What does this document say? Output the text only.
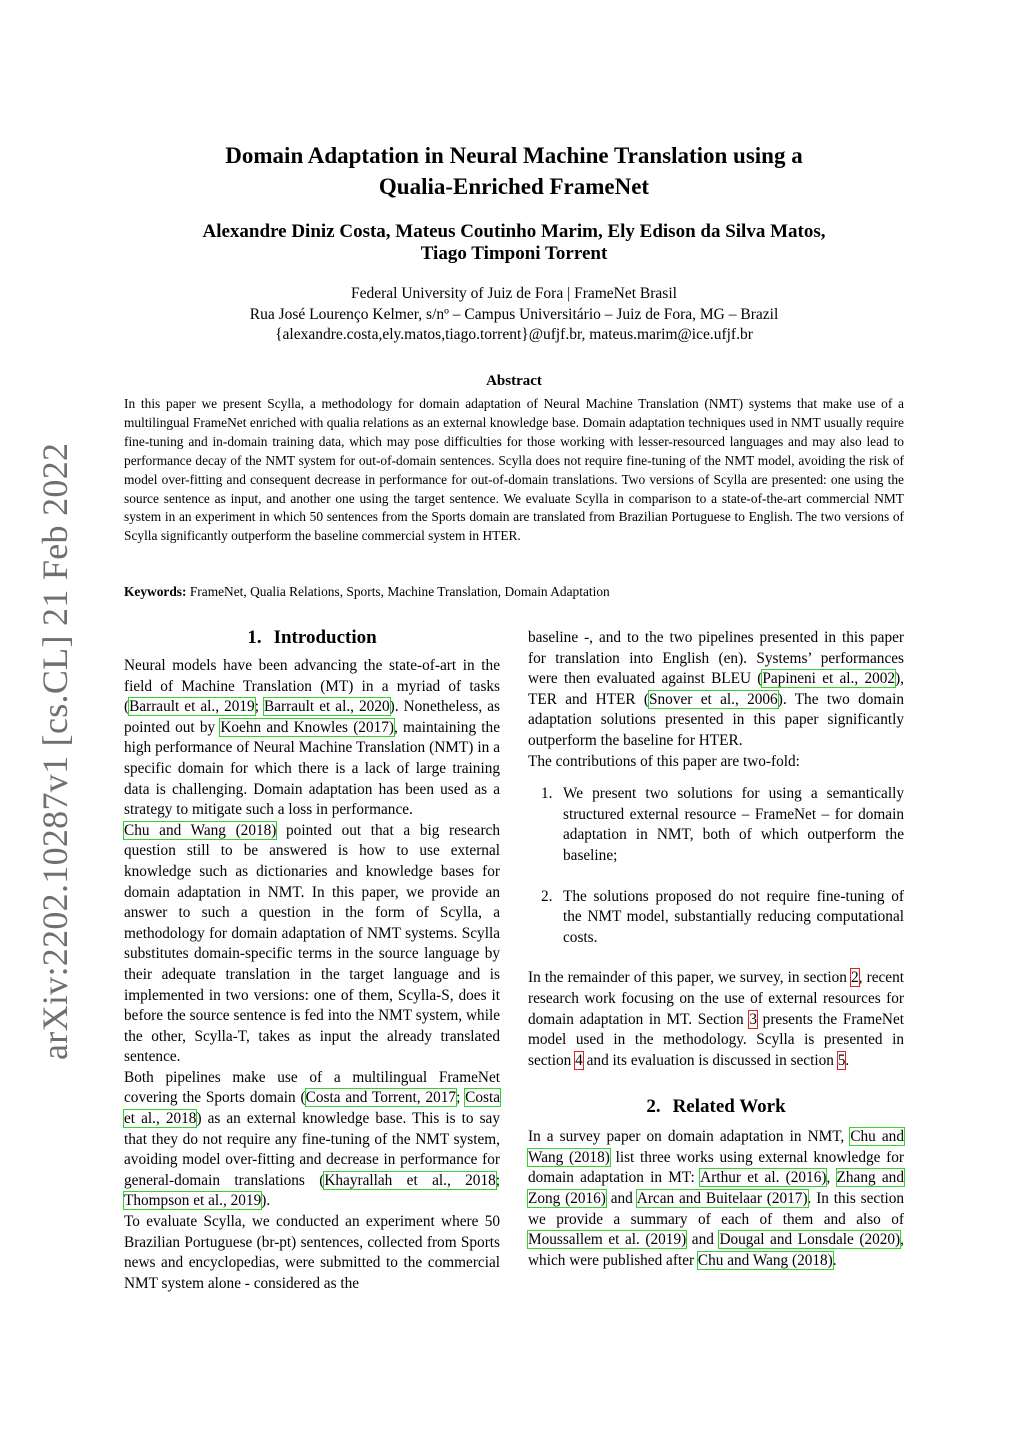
arXiv:2202.10287v1 [cs.CL] 21 Feb 2022
Domain Adaptation in Neural Machine Translation using a
Qualia-Enriched FrameNet
Alexandre Diniz Costa, Mateus Coutinho Marim, Ely Edison da Silva Matos,
Tiago Timponi Torrent
Federal University of Juiz de Fora | FrameNet Brasil
Rua José Lourenço Kelmer, s/nº – Campus Universitário – Juiz de Fora, MG – Brazil
{alexandre.costa,ely.matos,tiago.torrent}@ufjf.br, mateus.marim@ice.ufjf.br
Abstract
In this paper we present Scylla, a methodology for domain adaptation of Neural Machine Translation (NMT) systems that make use of a multilingual FrameNet enriched with qualia relations as an external knowledge base. Domain adaptation techniques used in NMT usually require fine-tuning and in-domain training data, which may pose difficulties for those working with lesser-resourced languages and may also lead to performance decay of the NMT system for out-of-domain sentences. Scylla does not require fine-tuning of the NMT model, avoiding the risk of model over-fitting and consequent decrease in performance for out-of-domain translations. Two versions of Scylla are presented: one using the source sentence as input, and another one using the target sentence. We evaluate Scylla in comparison to a state-of-the-art commercial NMT system in an experiment in which 50 sentences from the Sports domain are translated from Brazilian Portuguese to English. The two versions of Scylla significantly outperform the baseline commercial system in HTER.
Keywords: FrameNet, Qualia Relations, Sports, Machine Translation, Domain Adaptation
1. Introduction

Neural models have been advancing the state-of-art in the field of Machine Translation (MT) in a myriad of tasks (Barrault et al., 2019; Barrault et al., 2020). Nonetheless, as pointed out by Koehn and Knowles (2017), maintaining the high performance of Neural Machine Translation (NMT) in a specific domain for which there is a lack of large training data is challenging. Domain adaptation has been used as a strategy to mitigate such a loss in performance.

Chu and Wang (2018) pointed out that a big research question still to be answered is how to use external knowledge such as dictionaries and knowledge bases for domain adaptation in NMT. In this paper, we provide an answer to such a question in the form of Scylla, a methodology for domain adaptation of NMT systems. Scylla substitutes domain-specific terms in the source language by their adequate translation in the target language and is implemented in two versions: one of them, Scylla-S, does it before the source sentence is fed into the NMT system, while the other, Scylla-T, takes as input the already translated sentence.

Both pipelines make use of a multilingual FrameNet covering the Sports domain (Costa and Torrent, 2017; Costa et al., 2018) as an external knowledge base. This is to say that they do not require any fine-tuning of the NMT system, avoiding model over-fitting and decrease in performance for general-domain translations (Khayrallah et al., 2018; Thompson et al., 2019).

To evaluate Scylla, we conducted an experiment where 50 Brazilian Portuguese (br-pt) sentences, collected from Sports news and encyclopedias, were submitted to the commercial NMT system alone - considered as the

baseline -, and to the two pipelines presented in this paper for translation into English (en). Systems’ performances were then evaluated against BLEU (Papineni et al., 2002), TER and HTER (Snover et al., 2006). The two domain adaptation solutions presented in this paper significantly outperform the baseline for HTER.

The contributions of this paper are two-fold:

1. We present two solutions for using a semantically structured external resource – FrameNet – for domain adaptation in NMT, both of which outperform the baseline;
2. The solutions proposed do not require fine-tuning of the NMT model, substantially reducing computational costs.

In the remainder of this paper, we survey, in section 2, recent research work focusing on the use of external resources for domain adaptation in MT. Section 3 presents the FrameNet model used in the methodology. Scylla is presented in section 4 and its evaluation is discussed in section 5.

2. Related Work

In a survey paper on domain adaptation in NMT, Chu and Wang (2018) list three works using external knowledge for domain adaptation in MT: Arthur et al. (2016), Zhang and Zong (2016) and Arcan and Buitelaar (2017). In this section we provide a summary of each of them and also of Moussallem et al. (2019) and Dougal and Lonsdale (2020), which were published after Chu and Wang (2018).
